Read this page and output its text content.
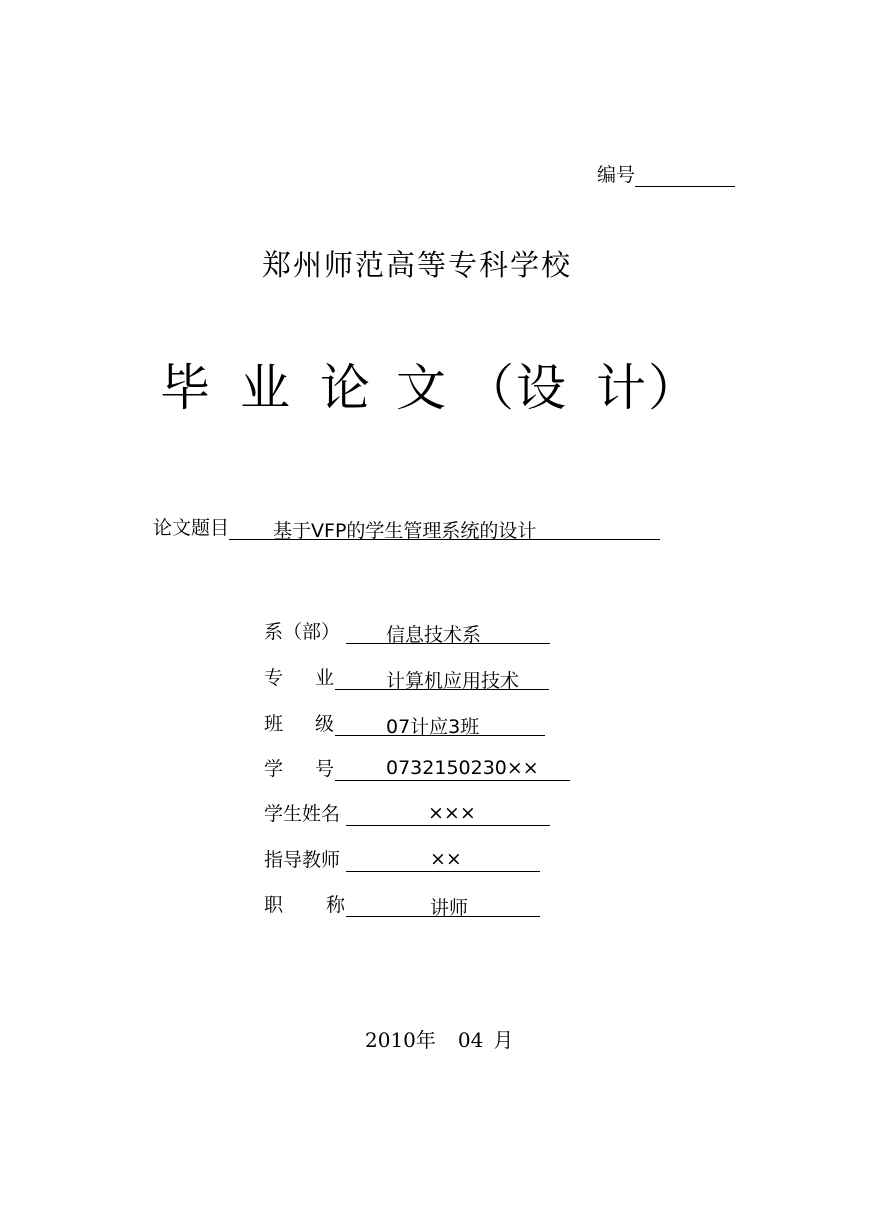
编号
郑州师范高等专科学校
毕 业 论 文 （设 计）
论文题目 基于VFP的学生管理系统的设计
系（部） 信息技术系
专 业	计算机应用技术
班 级	07计应3班
学 号	0732150230××
学生姓名	×××
指导教师	××
职 称	讲师
2010年 04 月
